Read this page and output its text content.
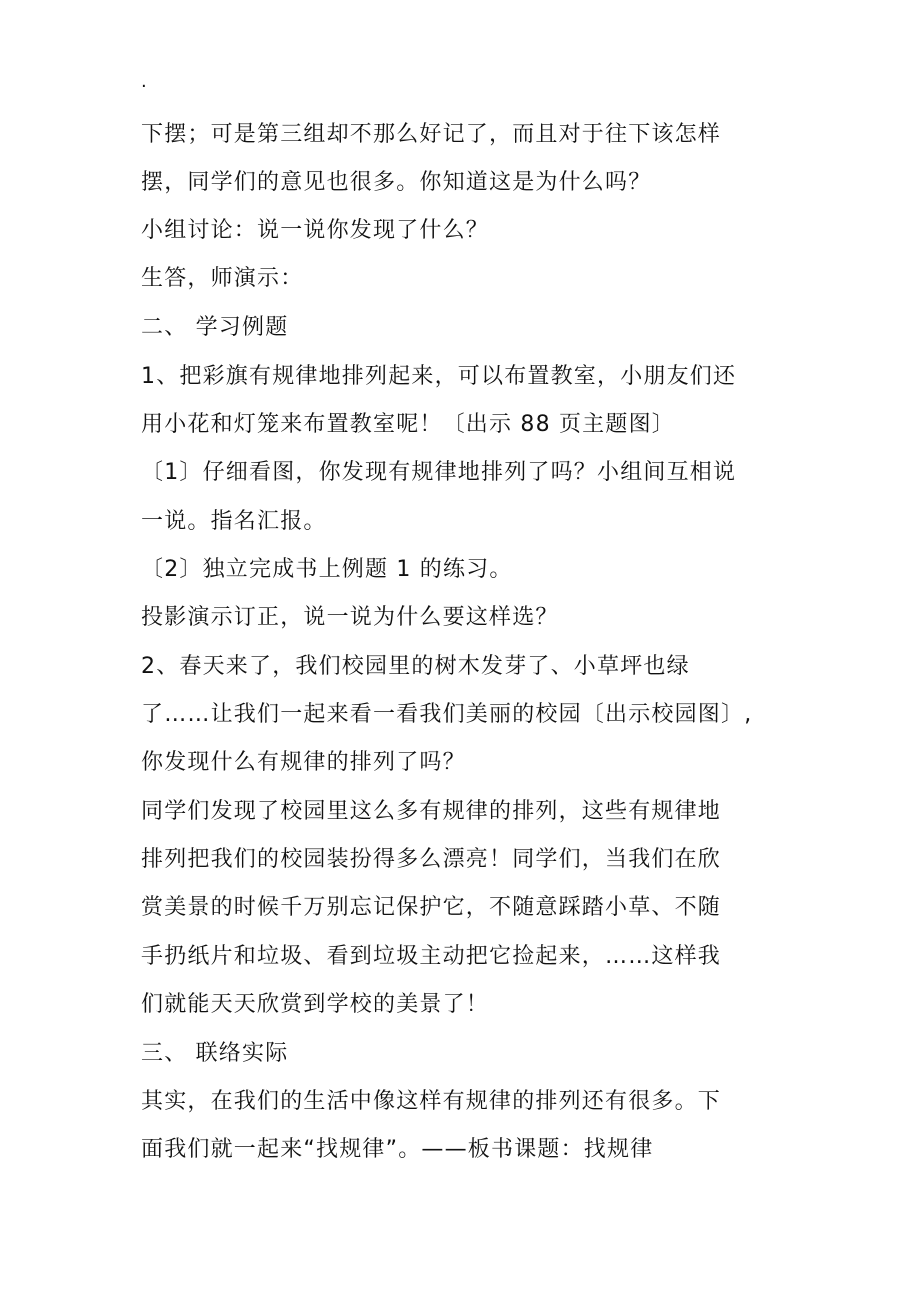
.
下摆；可是第三组却不那么好记了，而且对于往下该怎样
摆，同学们的意见也很多。你知道这是为什么吗？
小组讨论：说一说你发现了什么？
生答，师演示：
二、 学习例题
1、把彩旗有规律地排列起来，可以布置教室，小朋友们还
用小花和灯笼来布置教室呢！〔出示 88 页主题图〕
〔1〕仔细看图，你发现有规律地排列了吗？小组间互相说
一说。指名汇报。
〔2〕独立完成书上例题 1 的练习。
投影演示订正，说一说为什么要这样选？
2、春天来了，我们校园里的树木发芽了、小草坪也绿
了……让我们一起来看一看我们美丽的校园〔出示校园图〕,
你发现什么有规律的排列了吗？
同学们发现了校园里这么多有规律的排列，这些有规律地
排列把我们的校园装扮得多么漂亮！同学们，当我们在欣
赏美景的时候千万别忘记保护它，不随意踩踏小草、不随
手扔纸片和垃圾、看到垃圾主动把它捡起来，……这样我
们就能天天欣赏到学校的美景了！
三、 联络实际
其实，在我们的生活中像这样有规律的排列还有很多。下
面我们就一起来“找规律”。——板书课题：找规律
